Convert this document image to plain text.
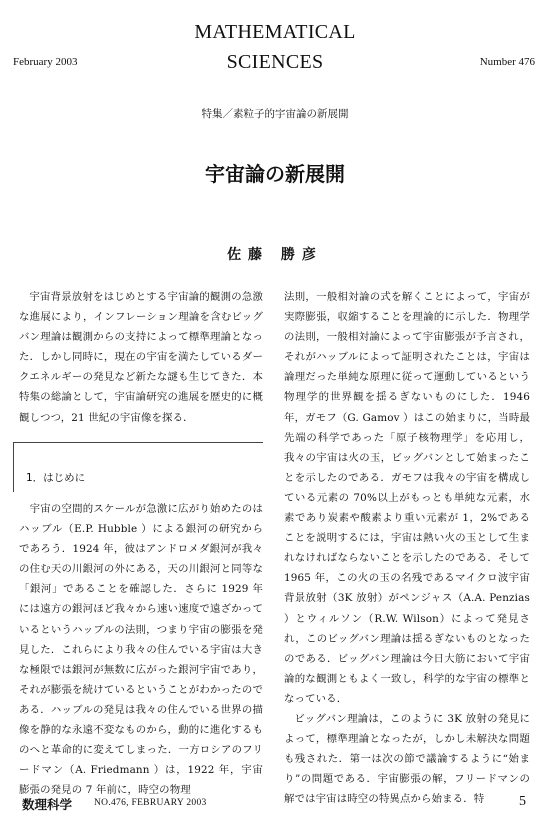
MATHEMATICAL
SCIENCES
February 2003	Number 476
特集／素粒子的宇宙論の新展開
宇宙論の新展開
佐藤 勝彦

宇宙背景放射をはじめとする宇宙論的観測の急激な進展により，インフレーション理論を含むビッグバン理論は観測からの支持によって標準理論となった．しかし同時に，現在の宇宙を満たしているダークエネルギーの発見など新たな謎も生じてきた．本特集の総論として，宇宙論研究の進展を歴史的に概観しつつ，21 世紀の宇宙像を探る．

1．はじめに

　宇宙の空間的スケールが急激に広がり始めたのはハッブル（E.P. Hubble ）による銀河の研究からであろう．1924 年，彼はアンドロメダ銀河が我々の住む天の川銀河の外にある，天の川銀河と同等な「銀河」であることを確認した．さらに 1929 年には遠方の銀河ほど我々から速い速度で遠ざかっているというハッブルの法則，つまり宇宙の膨張を発見した．これらにより我々の住んでいる宇宙は大きな極限では銀河が無数に広がった銀河宇宙であり，それが膨張を続けているということがわかったのである．ハッブルの発見は我々の住んでいる世界の描像を静的な永遠不変なものから，動的に進化するものへと革命的に変えてしまった．一方ロシアのフリードマン（A. Friedmann ）は，1922 年，宇宙膨張の発見の 7 年前に，時空の物理

法則，一般相対論の式を解くことによって，宇宙が実際膨張，収縮することを理論的に示した．物理学の法則，一般相対論によって宇宙膨張が予言され，それがハッブルによって証明されたことは，宇宙は論理だった単純な原理に従って運動しているという物理学的世界観を揺るぎないものにした．1946 年，ガモフ（G. Gamov ）はこの始まりに，当時最先端の科学であった「原子核物理学」を応用し，我々の宇宙は火の玉，ビッグバンとして始まったことを示したのである．ガモフは我々の宇宙を構成している元素の 70%以上がもっとも単純な元素，水素であり炭素や酸素より重い元素が 1，2%であることを説明するには，宇宙は熱い火の玉として生まれなければならないことを示したのである．そして 1965 年，この火の玉の名残であるマイクロ波宇宙背景放射（3K 放射）がペンジャス（A.A. Penzias ）とウィルソン（R.W. Wilson）によって発見され，このビッグバン理論は揺るぎないものとなったのである．ビッグバン理論は今日大筋において宇宙論的な観測ともよく一致し，科学的な宇宙の標準となっている．

ビッグバン理論は，このように 3K 放射の発見によって，標準理論となったが，しかし未解決な問題も残された．第一は次の節で議論するように“始まり”の問題である．宇宙膨張の解，フリードマンの解では宇宙は時空の特異点から始まる．特

数理科学 NO.476, FEBRUARY 2003	5
